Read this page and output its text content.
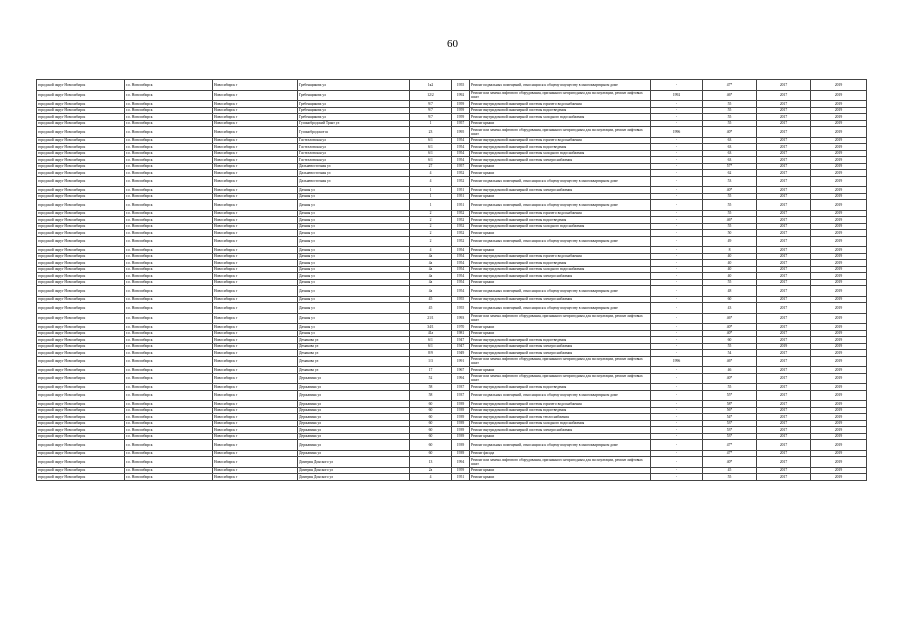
60
городской округ Новосибирск	г.о. Новосибирск	Новосибирск г	Гребенщикова ул	1к2	1955	Ремонт подвальных помещений, относящихся к общему имуществу в многоквартирном доме	-	47*	2017	2019
городской округ Новосибирск	г.о. Новосибирск	Новосибирск г	Гребенщикова ул	12/2	1992	Ремонт или замена лифтового оборудования, признанного непригодным для эксплуатации, ремонт лифтовых шахт	1992	46*	2017	2019
городской округ Новосибирск	г.о. Новосибирск	Новосибирск г	Гребенщикова ул	9/7	1959	Ремонт внутридомовой инженерной системы горячего водоснабжения	-	55	2017	2019
городской округ Новосибирск	г.о. Новосибирск	Новосибирск г	Гребенщикова ул	9/7	1959	Ремонт внутридомовой инженерной системы водоотведения	-	55	2017	2019
городской округ Новосибирск	г.о. Новосибирск	Новосибирск г	Гребенщикова ул	9/7	1959	Ремонт внутридомовой инженерной системы холодного водоснабжения	-	55	2017	2019
городской округ Новосибирск	г.о. Новосибирск	Новосибирск г	Гусинобродский Тракт ул	1	1957	Ремонт крыши	-	55	2017	2019
городской округ Новосибирск	г.о. Новосибирск	Новосибирск г	Гусинобродское ш	23	1995	Ремонт или замена лифтового оборудования, признанного непригодным для эксплуатации, ремонт лифтовых шахт	1996	40*	2017	2019
городской округ Новосибирск	г.о. Новосибирск	Новосибирск г	Гастелловская ул	6/1	1954	Ремонт внутридомовой инженерной системы горячего водоснабжения	-	63	2017	2019
городской округ Новосибирск	г.о. Новосибирск	Новосибирск г	Гастелловская ул	6/1	1954	Ремонт внутридомовой инженерной системы водоотведения	-	63	2017	2019
городской округ Новосибирск	г.о. Новосибирск	Новосибирск г	Гастелловская ул	6/1	1954	Ремонт внутридомовой инженерной системы холодного водоснабжения	-	63	2017	2019
городской округ Новосибирск	г.о. Новосибирск	Новосибирск г	Гастелловская ул	6/1	1954	Ремонт внутридомовой инженерной системы электроснабжения	-	63	2017	2019
городской округ Новосибирск	г.о. Новосибирск	Новосибирск г	Дальневосточная ул	27	1957	Ремонт крыши	-	57*	2017	2019
городской округ Новосибирск	г.о. Новосибирск	Новосибирск г	Дальневосточная ул	4	1952	Ремонт крыши	-	62	2017	2019
городской округ Новосибирск	г.о. Новосибирск	Новосибирск г	Дальневосточная ул	4	1952	Ремонт подвальных помещений, относящихся к общему имуществу в многоквартирном доме	-	53	2017	2019
городской округ Новосибирск	г.о. Новосибирск	Новосибирск г	Дачная ул	1	1951	Ремонт внутридомовой инженерной системы электроснабжения	-	40*	2017	2019
городской округ Новосибирск	г.о. Новосибирск	Новосибирск г	Дачная ул	1	1951	Ремонт крыши	-	55	2017	2019
городской округ Новосибирск	г.о. Новосибирск	Новосибирск г	Дачная ул	1	1951	Ремонт подвальных помещений, относящихся к общему имуществу в многоквартирном доме	-	55	2017	2019
городской округ Новосибирск	г.о. Новосибирск	Новосибирск г	Дачная ул	2	1952	Ремонт внутридомовой инженерной системы горячего водоснабжения	-	55	2017	2019
городской округ Новосибирск	г.о. Новосибирск	Новосибирск г	Дачная ул	2	1952	Ремонт внутридомовой инженерной системы водоотведения	-	46*	2017	2019
городской округ Новосибирск	г.о. Новосибирск	Новосибирск г	Дачная ул	2	1952	Ремонт внутридомовой инженерной системы холодного водоснабжения	-	55	2017	2019
городской округ Новосибирск	г.о. Новосибирск	Новосибирск г	Дачная ул	2	1952	Ремонт крыши	-	50	2017	2019
городской округ Новосибирск	г.о. Новосибирск	Новосибирск г	Дачная ул	2	1952	Ремонт подвальных помещений, относящихся к общему имуществу в многоквартирном доме	-	49	2017	2019
городской округ Новосибирск	г.о. Новосибирск	Новосибирск г	Дачная ул	4	1954	Ремонт крыши	-	8	2017	2019
городской округ Новосибирск	г.о. Новосибирск	Новосибирск г	Дачная ул	4а	1954	Ремонт внутридомовой инженерной системы горячего водоснабжения	-	40	2017	2019
городской округ Новосибирск	г.о. Новосибирск	Новосибирск г	Дачная ул	4а	1954	Ремонт внутридомовой инженерной системы водоотведения	-	40	2017	2019
городской округ Новосибирск	г.о. Новосибирск	Новосибирск г	Дачная ул	4а	1954	Ремонт внутридомовой инженерной системы холодного водоснабжения	-	40	2017	2019
городской округ Новосибирск	г.о. Новосибирск	Новосибирск г	Дачная ул	4а	1954	Ремонт внутридомовой инженерной системы электроснабжения	-	40	2017	2019
городской округ Новосибирск	г.о. Новосибирск	Новосибирск г	Дачная ул	4а	1954	Ремонт крыши	-	55	2017	2019
городской округ Новосибирск	г.о. Новосибирск	Новосибирск г	Дачная ул	4а	1954	Ремонт подвальных помещений, относящихся к общему имуществу в многоквартирном доме	-	48	2017	2019
городской округ Новосибирск	г.о. Новосибирск	Новосибирск г	Дачная ул	45	1955	Ремонт внутридомовой инженерной системы электроснабжения	-	60	2017	2019
городской округ Новосибирск	г.о. Новосибирск	Новосибирск г	Дачная ул	45	1955	Ремонт подвальных помещений, относящихся к общему имуществу в многоквартирном доме	-	43	2017	2019
городской округ Новосибирск	г.о. Новосибирск	Новосибирск г	Дачная ул	21/1	1993	Ремонт или замена лифтового оборудования, признанного непригодным для эксплуатации, ремонт лифтовых шахт	-	46*	2017	2019
городской округ Новосибирск	г.о. Новосибирск	Новосибирск г	Дачная ул	34/1	1970	Ремонт крыши	-	40*	2017	2019
городской округ Новосибирск	г.о. Новосибирск	Новосибирск г	Дачная ул	41а	1981	Ремонт крыши	-	40*	2017	2019
городской округ Новосибирск	г.о. Новосибирск	Новосибирск г	Демакова ул	6/1	1947	Ремонт внутридомовой инженерной системы водоотведения	-	60	2017	2019
городской округ Новосибирск	г.о. Новосибирск	Новосибирск г	Демакова ул	6/1	1947	Ремонт внутридомовой инженерной системы электроснабжения	-	55	2019	2019
городской округ Новосибирск	г.о. Новосибирск	Новосибирск г	Демакова ул	8/9	1949	Ремонт внутридомовой инженерной системы электроснабжения	-	54	2017	2019
городской округ Новосибирск	г.о. Новосибирск	Новосибирск г	Демакова ул	1/3	1991	Ремонт или замена лифтового оборудования, признанного непригодным для эксплуатации, ремонт лифтовых шахт	1996	46*	2017	2019
городской округ Новосибирск	г.о. Новосибирск	Новосибирск г	Демакова ул	17	1967	Ремонт крыши	-	46	2017	2019
городской округ Новосибирск	г.о. Новосибирск	Новосибирск г	Державина ул	52	1994	Ремонт или замена лифтового оборудования, признанного непригодным для эксплуатации, ремонт лифтовых шахт	-	40*	2017	2019
городской округ Новосибирск	г.о. Новосибирск	Новосибирск г	Державина ул	58	1937	Ремонт внутридомовой инженерной системы водоотведения	-	55	2017	2019
городской округ Новосибирск	г.о. Новосибирск	Новосибирск г	Державина ул	58	1937	Ремонт подвальных помещений, относящихся к общему имуществу в многоквартирном доме	-	55*	2017	2019
городской округ Новосибирск	г.о. Новосибирск	Новосибирск г	Державина ул	60	1939	Ремонт внутридомовой инженерной системы горячего водоснабжения	-	58*	2017	2019
городской округ Новосибирск	г.о. Новосибирск	Новосибирск г	Державина ул	60	1939	Ремонт внутридомовой инженерной системы водоотведения	-	56*	2017	2019
городской округ Новосибирск	г.о. Новосибирск	Новосибирск г	Державина ул	60	1939	Ремонт внутридомовой инженерной системы теплоснабжения	-	54*	2017	2019
городской округ Новосибирск	г.о. Новосибирск	Новосибирск г	Державина ул	60	1939	Ремонт внутридомовой инженерной системы холодного водоснабжения	-	53*	2017	2019
городской округ Новосибирск	г.о. Новосибирск	Новосибирск г	Державина ул	60	1939	Ремонт внутридомовой инженерной системы электроснабжения	-	53*	2017	2019
городской округ Новосибирск	г.о. Новосибирск	Новосибирск г	Державина ул	60	1939	Ремонт крыши	-	53*	2017	2019
городской округ Новосибирск	г.о. Новосибирск	Новосибирск г	Державина ул	60	1939	Ремонт подвальных помещений, относящихся к общему имуществу в многоквартирном доме	-	47*	2017	2019
городской округ Новосибирск	г.о. Новосибирск	Новосибирск г	Державина ул	60	1939	Ремонт фасада	-	47*	2017	2019
городской округ Новосибирск	г.о. Новосибирск	Новосибирск г	Дмитрия Донского ул	13	1994	Ремонт или замена лифтового оборудования, признанного непригодным для эксплуатации, ремонт лифтовых шахт	-	40*	2017	2019
городской округ Новосибирск	г.о. Новосибирск	Новосибирск г	Дмитрия Донского ул	2а	1959	Ремонт крыши	-	45	2017	2019
городской округ Новосибирск	г.о. Новосибирск	Новосибирск г	Дмитрия Донского ул	4	1951	Ремонт крыши	-	55	2017	2019
